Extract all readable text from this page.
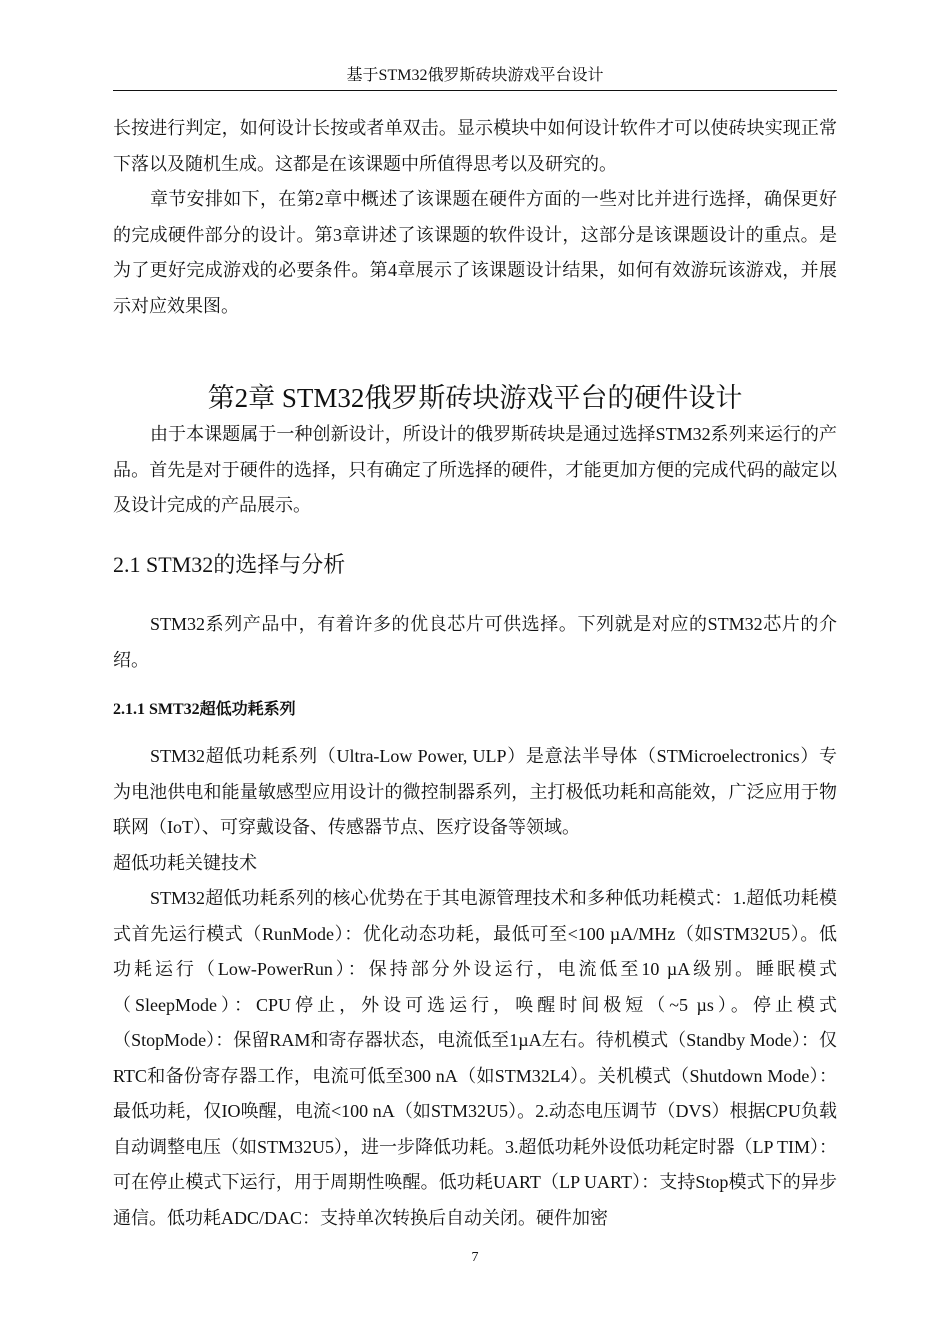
基于STM32俄罗斯砖块游戏平台设计

长按进行判定，如何设计长按或者单双击。显示模块中如何设计软件才可以使砖块实现正常下落以及随机生成。这都是在该课题中所值得思考以及研究的。

章节安排如下，在第2章中概述了该课题在硬件方面的一些对比并进行选择，确保更好的完成硬件部分的设计。第3章讲述了该课题的软件设计，这部分是该课题设计的重点。是为了更好完成游戏的必要条件。第4章展示了该课题设计结果，如何有效游玩该游戏，并展示对应效果图。

第2章 STM32俄罗斯砖块游戏平台的硬件设计

由于本课题属于一种创新设计，所设计的俄罗斯砖块是通过选择STM32系列来运行的产品。首先是对于硬件的选择，只有确定了所选择的硬件，才能更加方便的完成代码的敲定以及设计完成的产品展示。

2.1 STM32的选择与分析

STM32系列产品中，有着许多的优良芯片可供选择。下列就是对应的STM32芯片的介绍。

2.1.1 SMT32超低功耗系列

STM32超低功耗系列（Ultra-Low Power, ULP）是意法半导体（STMicroelectronics）专为电池供电和能量敏感型应用设计的微控制器系列，主打极低功耗和高能效，广泛应用于物联网（IoT）、可穿戴设备、传感器节点、医疗设备等领域。

超低功耗关键技术

STM32超低功耗系列的核心优势在于其电源管理技术和多种低功耗模式：1.超低功耗模式首先运行模式（RunMode）：优化动态功耗，最低可至<100 µA/MHz（如STM32U5）。低功耗运行（Low-PowerRun）：保持部分外设运行，电流低至10 µA级别。睡眠模式（SleepMode）：CPU停止，外设可选运行，唤醒时间极短（~5 µs）。停止模式（StopMode）：保留RAM和寄存器状态，电流低至1µA左右。待机模式（Standby Mode）：仅RTC和备份寄存器工作，电流可低至300 nA（如STM32L4）。关机模式（Shutdown Mode）：最低功耗，仅IO唤醒，电流<100 nA（如STM32U5）。2.动态电压调节（DVS）根据CPU负载自动调整电压（如STM32U5），进一步降低功耗。3.超低功耗外设低功耗定时器（LP TIM）：可在停止模式下运行，用于周期性唤醒。低功耗UART（LP UART）：支持Stop模式下的异步通信。低功耗ADC/DAC：支持单次转换后自动关闭。硬件加密

7
